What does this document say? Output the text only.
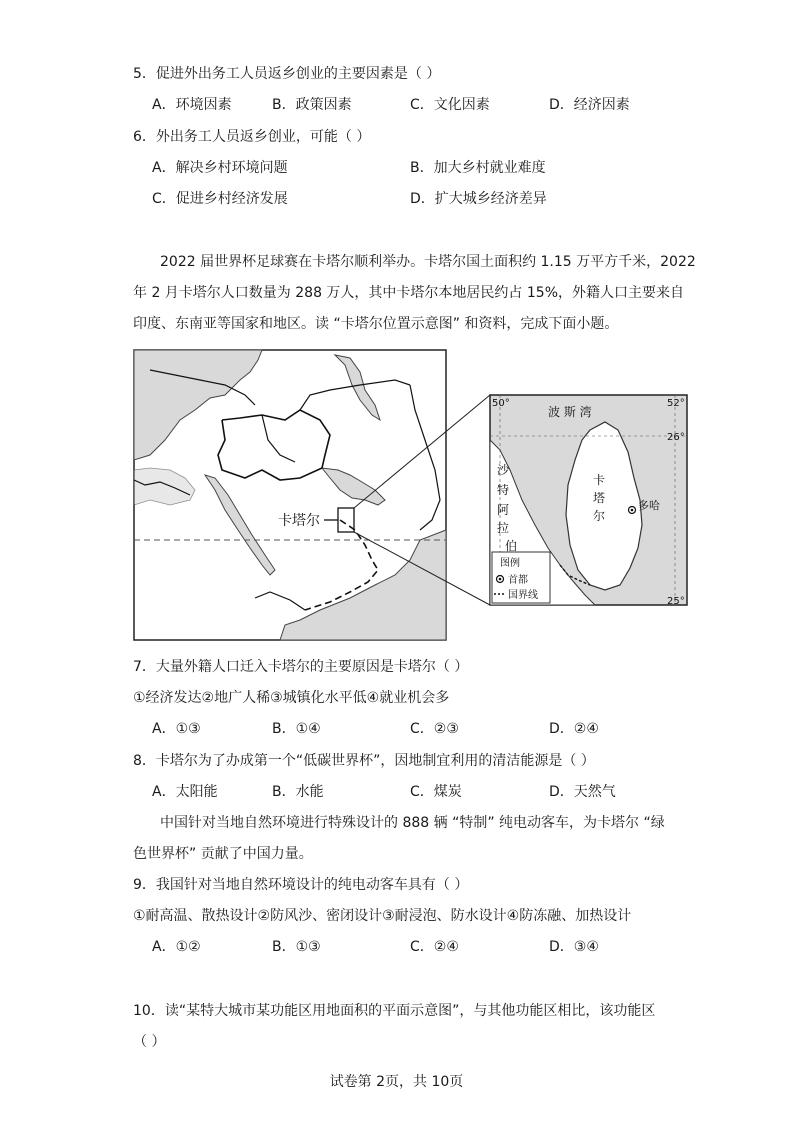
5．促进外出务工人员返乡创业的主要因素是（ ）
A．环境因素	B．政策因素	C．文化因素	D．经济因素
6．外出务工人员返乡创业，可能（ ）
A．解决乡村环境问题	B．加大乡村就业难度
C．促进乡村经济发展	D．扩大城乡经济差异
2022 届世界杯足球赛在卡塔尔顺利举办。卡塔尔国土面积约 1.15 万平方千米，2022
年 2 月卡塔尔人口数量为 288 万人，其中卡塔尔本地居民约占 15%，外籍人口主要来自
印度、东南亚等国家和地区。读 “卡塔尔位置示意图” 和资料，完成下面小题。
卡塔尔
50°	52°
26°
25°
波 斯 湾
沙
特
阿
拉
伯
卡
塔
尔
多哈
图例
首都
国界线
7．大量外籍人口迁入卡塔尔的主要原因是卡塔尔（ ）
①经济发达②地广人稀③城镇化水平低④就业机会多
A．①③	B．①④	C．②③	D．②④
8．卡塔尔为了办成第一个“低碳世界杯”，因地制宜利用的清洁能源是（ ）
A．太阳能	B．水能	C．煤炭	D．天然气
中国针对当地自然环境进行特殊设计的 888 辆 “特制” 纯电动客车，为卡塔尔 “绿
色世界杯” 贡献了中国力量。
9．我国针对当地自然环境设计的纯电动客车具有（ ）
①耐高温、散热设计②防风沙、密闭设计③耐浸泡、防水设计④防冻融、加热设计
A．①②	B．①③	C．②④	D．③④
10．读“某特大城市某功能区用地面积的平面示意图”，与其他功能区相比，该功能区
（ ）
试卷第 2页，共 10页
